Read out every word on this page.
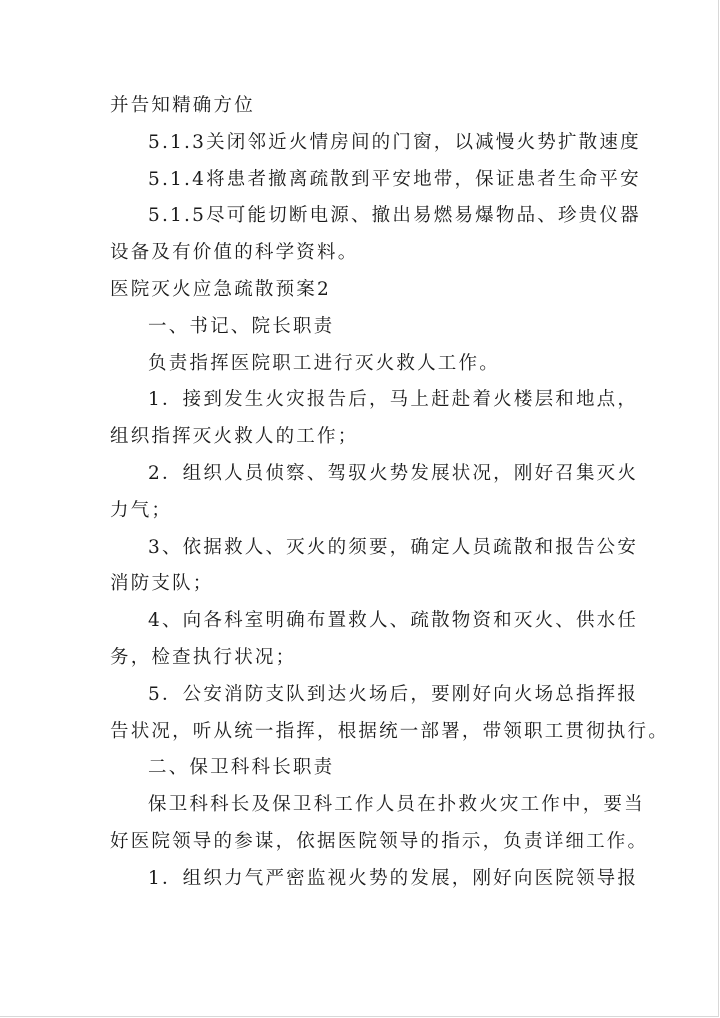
并告知精确方位

5.1.3关闭邻近火情房间的门窗，以减慢火势扩散速度

5.1.4将患者撤离疏散到平安地带，保证患者生命平安

5.1.5尽可能切断电源、撤出易燃易爆物品、珍贵仪器

设备及有价值的科学资料。

医院灭火应急疏散预案2

一、书记、院长职责

负责指挥医院职工进行灭火救人工作。

1．接到发生火灾报告后，马上赶赴着火楼层和地点，

组织指挥灭火救人的工作；

2．组织人员侦察、驾驭火势发展状况，刚好召集灭火

力气；

3、依据救人、灭火的须要，确定人员疏散和报告公安

消防支队；

4、向各科室明确布置救人、疏散物资和灭火、供水任

务，检查执行状况；

5．公安消防支队到达火场后，要刚好向火场总指挥报

告状况，听从统一指挥，根据统一部署，带领职工贯彻执行。

二、保卫科科长职责

保卫科科长及保卫科工作人员在扑救火灾工作中，要当

好医院领导的参谋，依据医院领导的指示，负责详细工作。

1．组织力气严密监视火势的发展，刚好向医院领导报
